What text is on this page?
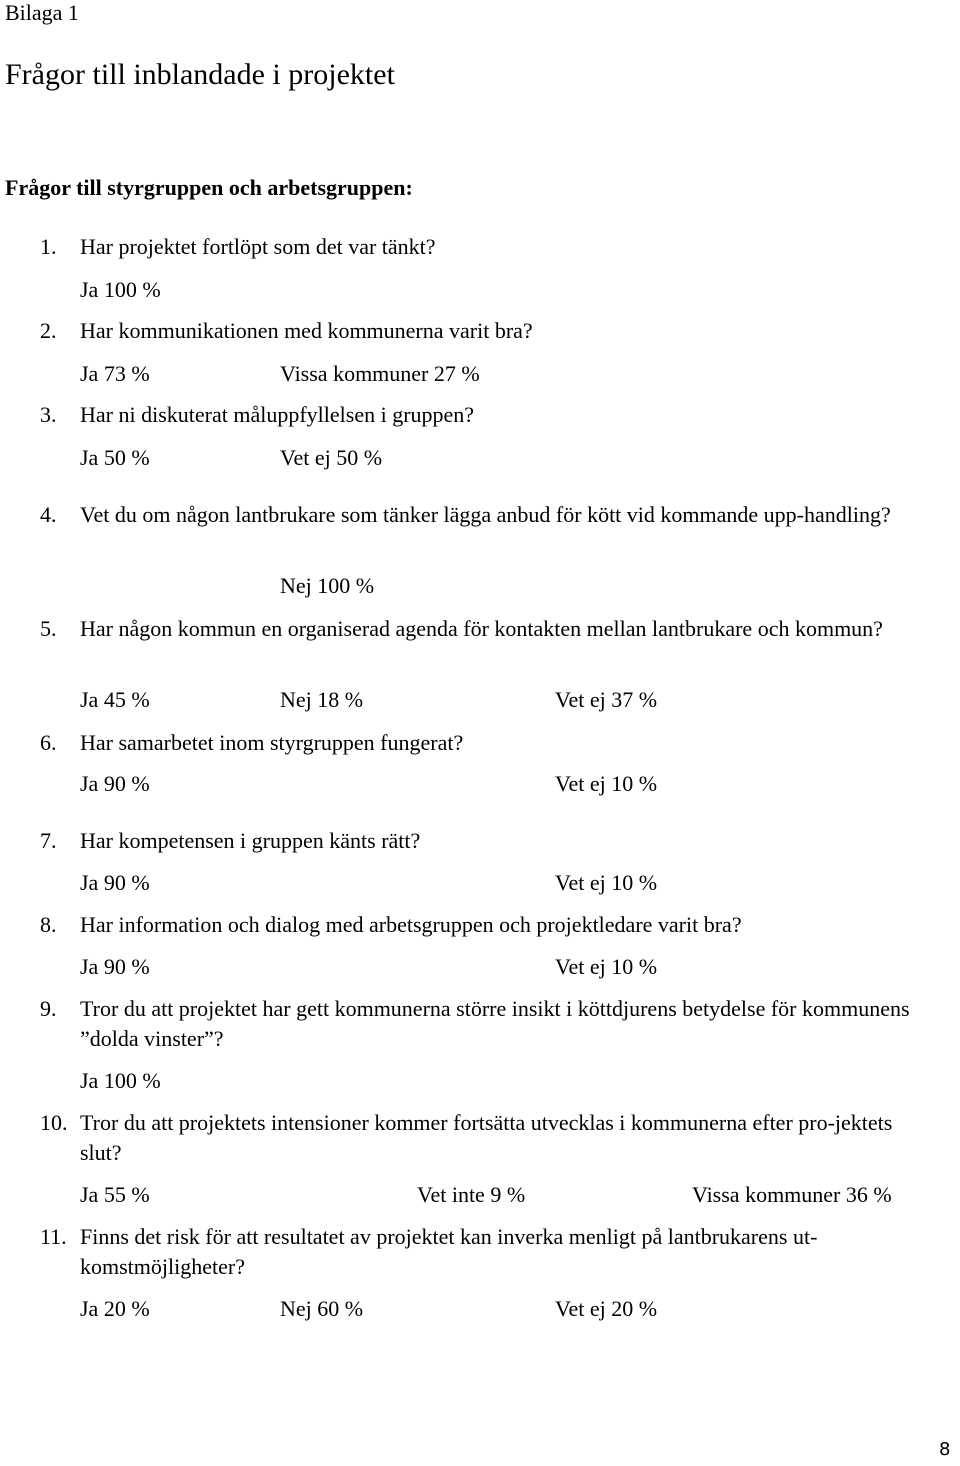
Bilaga 1
Frågor till inblandade i projektet
Frågor till styrgruppen och arbetsgruppen:
1.	Har projektet fortlöpt som det var tänkt?
Ja 100 %
2.	Har kommunikationen med kommunerna varit bra?
Ja 73 %	Vissa kommuner 27 %
3.	Har ni diskuterat måluppfyllelsen i gruppen?
Ja 50 %	Vet ej 50 %
4.	Vet du om någon lantbrukare som tänker lägga anbud för kött vid kommande upp-handling?
Nej 100 %
5.	Har någon kommun en organiserad agenda för kontakten mellan lantbrukare och kommun?
Ja 45 %	Nej 18 %	Vet ej 37 %
6.	Har samarbetet inom styrgruppen fungerat?
Ja 90 %	Vet ej 10 %
7.	Har kompetensen i gruppen känts rätt?
Ja 90 %	Vet ej 10 %
8.	Har information och dialog med arbetsgruppen och projektledare varit bra?
Ja 90 %	Vet ej 10 %
9.	Tror du att projektet har gett kommunerna större insikt i köttdjurens betydelse för kommunens ”dolda vinster”?
Ja 100 %
10. Tror du att projektets intensioner kommer fortsätta utvecklas i kommunerna efter pro-jektets slut?
Ja 55 %	Vet inte 9 %	Vissa kommuner 36 %
11. Finns det risk för att resultatet av projektet kan inverka menligt på lantbrukarens ut-komstmöjligheter?
Ja 20 %	Nej 60 %	Vet ej 20 %
8
